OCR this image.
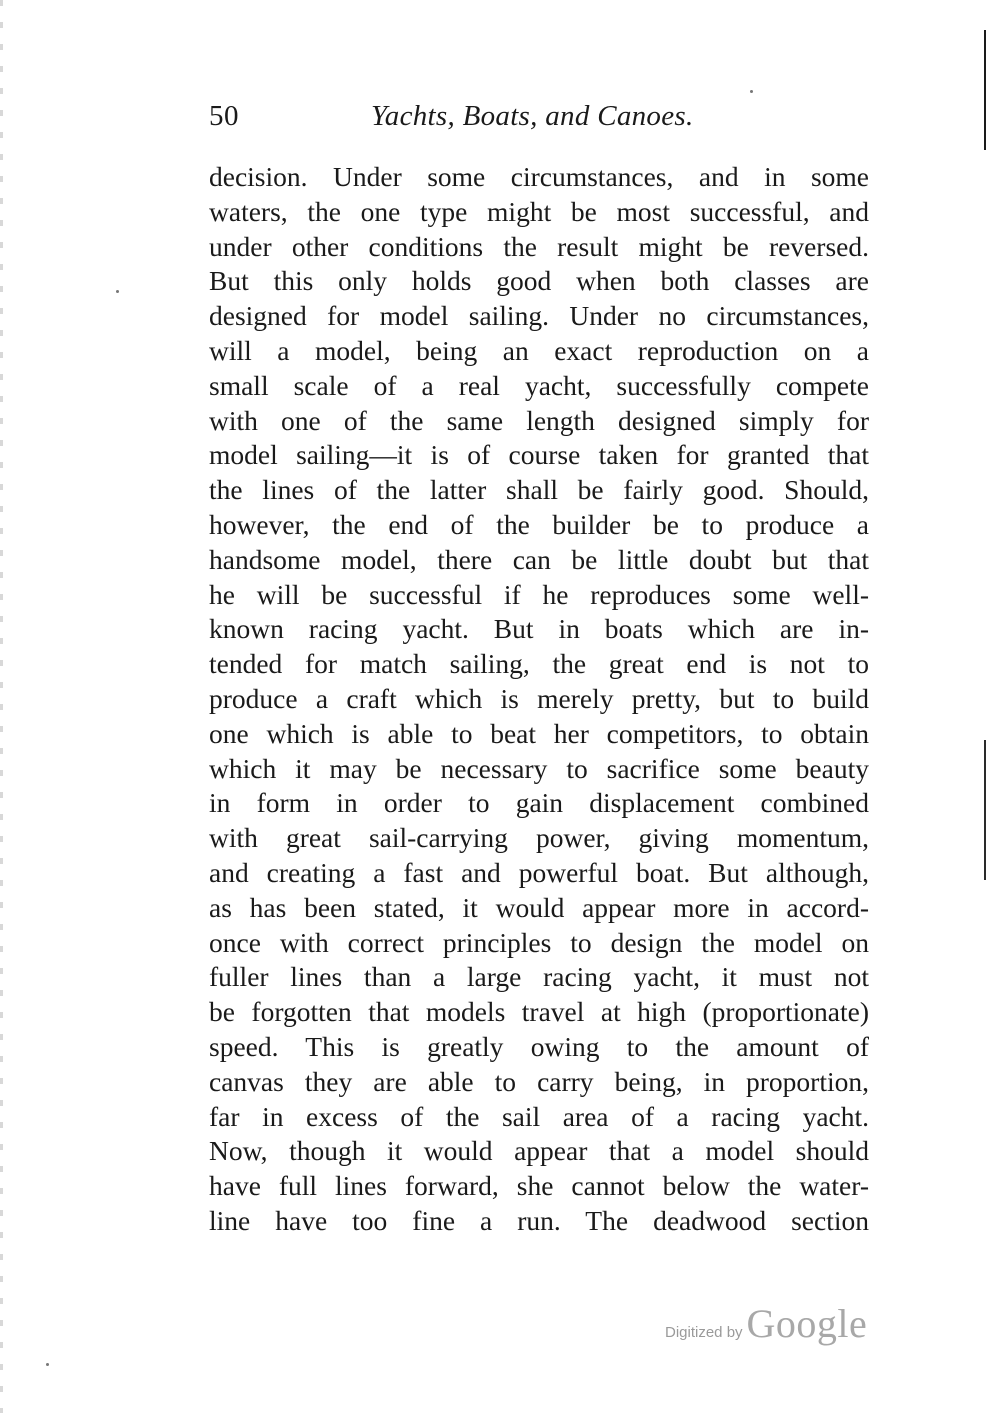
50	Yachts, Boats, and Canoes.
decision. Under some circumstances, and in some
waters, the one type might be most successful, and
under other conditions the result might be reversed.
But this only holds good when both classes are
designed for model sailing. Under no circumstances,
will a model, being an exact reproduction on a
small scale of a real yacht, successfully compete
with one of the same length designed simply for
model sailing—it is of course taken for granted that
the lines of the latter shall be fairly good. Should,
however, the end of the builder be to produce a
handsome model, there can be little doubt but that
he will be successful if he reproduces some well-
known racing yacht. But in boats which are in-
tended for match sailing, the great end is not to
produce a craft which is merely pretty, but to build
one which is able to beat her competitors, to obtain
which it may be necessary to sacrifice some beauty
in form in order to gain displacement combined
with great sail-carrying power, giving momentum,
and creating a fast and powerful boat. But although,
as has been stated, it would appear more in accord-
once with correct principles to design the model on
fuller lines than a large racing yacht, it must not
be forgotten that models travel at high (proportionate)
speed. This is greatly owing to the amount of
canvas they are able to carry being, in proportion,
far in excess of the sail area of a racing yacht.
Now, though it would appear that a model should
have full lines forward, she cannot below the water-
line have too fine a run. The deadwood section
Digitized by Google
